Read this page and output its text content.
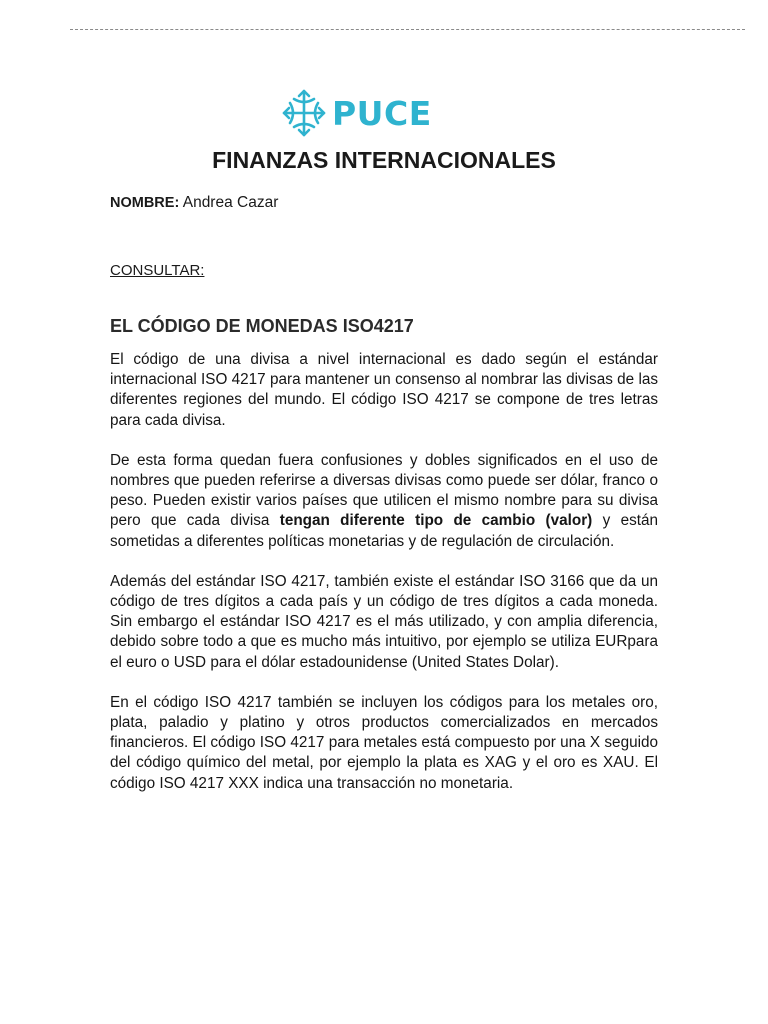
PUCE
FINANZAS INTERNACIONALES
NOMBRE: Andrea Cazar
CONSULTAR:
EL CÓDIGO DE MONEDAS ISO4217

El código de una divisa a nivel internacional es dado según el estándar internacional ISO 4217 para mantener un consenso al nombrar las divisas de las diferentes regiones del mundo. El código ISO 4217 se compone de tres letras para cada divisa.

De esta forma quedan fuera confusiones y dobles significados en el uso de nombres que pueden referirse a diversas divisas como puede ser dólar, franco o peso. Pueden existir varios países que utilicen el mismo nombre para su divisa pero que cada divisa tengan diferente tipo de cambio (valor) y están sometidas a diferentes políticas monetarias y de regulación de circulación.

Además del estándar ISO 4217, también existe el estándar ISO 3166 que da un código de tres dígitos a cada país y un código de tres dígitos a cada moneda. Sin embargo el estándar ISO 4217 es el más utilizado, y con amplia diferencia, debido sobre todo a que es mucho más intuitivo, por ejemplo se utiliza EURpara el euro o USD para el dólar estadounidense (United States Dolar).

En el código ISO 4217 también se incluyen los códigos para los metales oro, plata, paladio y platino y otros productos comercializados en mercados financieros. El código ISO 4217 para metales está compuesto por una X seguido del código químico del metal, por ejemplo la plata es XAG y el oro es XAU. El código ISO 4217 XXX indica una transacción no monetaria.
